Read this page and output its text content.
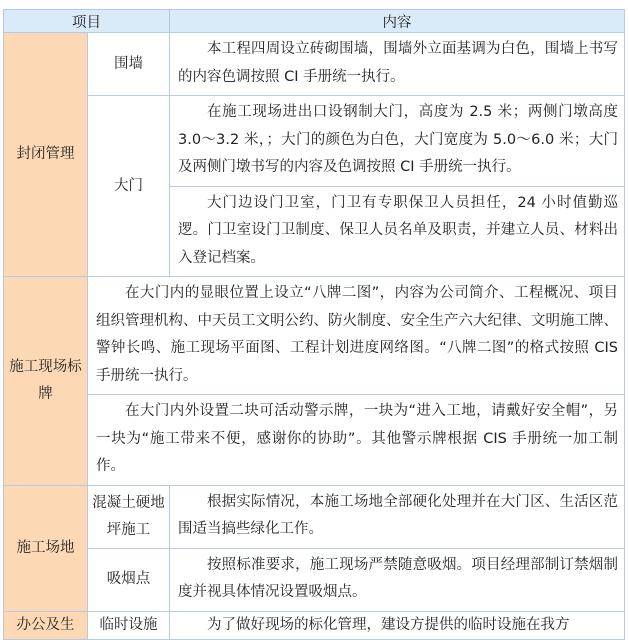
项目		内容
封闭管理	围墙	本工程四周设立砖砌围墙，围墙外立面基调为白色，围墙上书写的内容色调按照 CI 手册统一执行。

	大门	在施工现场进出口设钢制大门，高度为 2.5 米；两侧门墩高度 3.0～3.2 米，；大门的颜色为白色，大门宽度为 5.0～6.0 米；大门及两侧门墩书写的内容及色调按照 CI 手册统一执行。

		大门边设门卫室，门卫有专职保卫人员担任，24 小时值勤巡逻。门卫室设门卫制度、保卫人员名单及职责，并建立人员、材料出入登记档案。

施工现场标牌	在大门内的显眼位置上设立“八牌二图”，内容为公司简介、工程概况、项目组织管理机构、中天员工文明公约、防火制度、安全生产六大纪律、文明施工牌、警钟长鸣、施工现场平面图、工程计划进度网络图。“八牌二图”的格式按照 CIS 手册统一执行。	

	在大门内外设置二块可活动警示牌，一块为“进入工地，请戴好安全帽”，另一块为“施工带来不便，感谢你的协助”。其他警示牌根据 CIS 手册统一加工制作。	

施工场地	混凝土硬地坪施工	根据实际情况，本施工场地全部硬化处理并在大门区、生活区范围适当搞些绿化工作。

	吸烟点	按照标准要求，施工现场严禁随意吸烟。项目经理部制订禁烟制度并视具体情况设置吸烟点。

办公及生	临时设施	为了做好现场的标化管理，建设方提供的临时设施在我方
